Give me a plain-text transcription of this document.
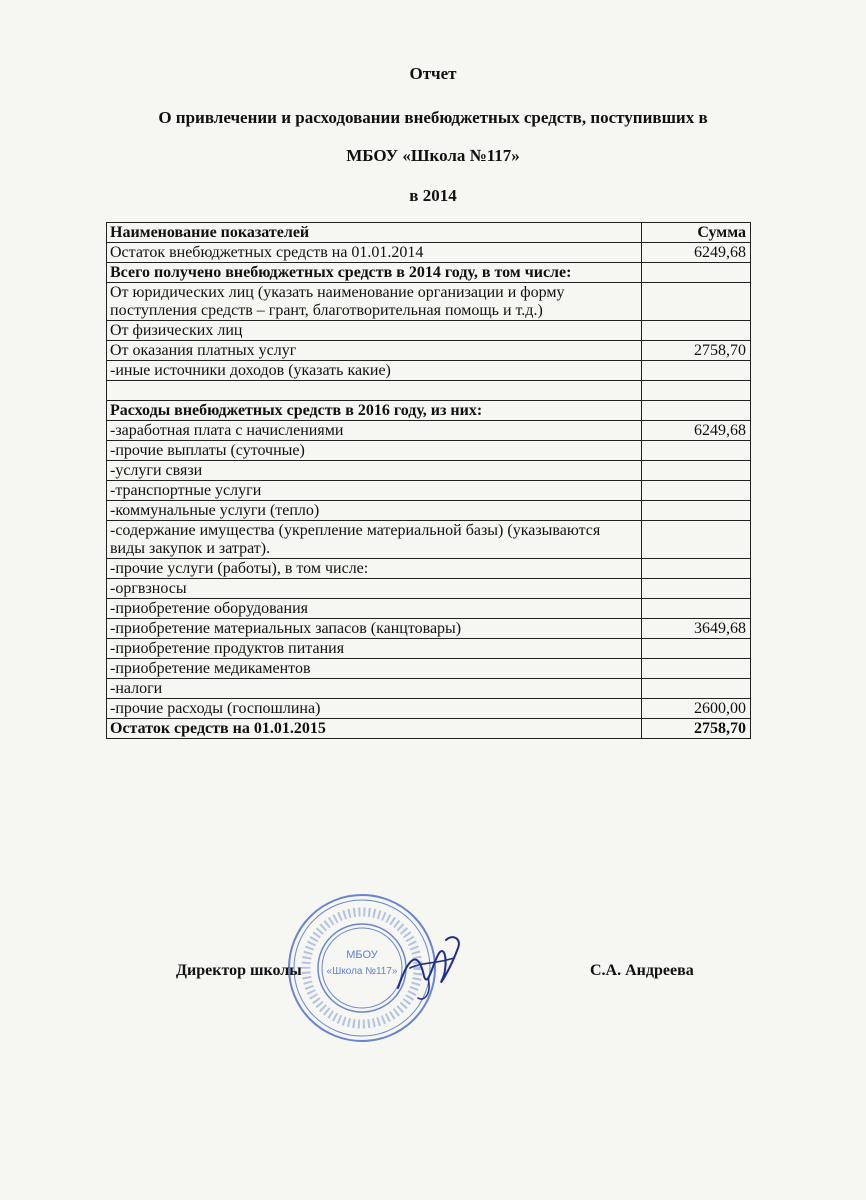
Отчет
О привлечении и расходовании внебюджетных средств, поступивших в
МБОУ «Школа №117»
в 2014
Наименование показателей	Сумма
Остаток внебюджетных средств на 01.01.2014	6249,68
Всего получено внебюджетных средств в 2014 году, в том числе:	
От юридических лиц (указать наименование организации и форму поступления средств – грант, благотворительная помощь и т.д.)	
От физических лиц	
От оказания платных услуг	2758,70
-иные источники доходов (указать какие)	

Расходы внебюджетных средств в 2016 году, из них:	
-заработная плата с начислениями	6249,68
-прочие выплаты (суточные)	
-услуги связи	
-транспортные услуги	
-коммунальные услуги (тепло)	
-содержание имущества (укрепление материальной базы) (указываются виды закупок и затрат).	
-прочие услуги (работы), в том числе:	
-оргвзносы	
-приобретение оборудования	
-приобретение материальных запасов (канцтовары)	3649,68
-приобретение продуктов питания	
-приобретение медикаментов	
-налоги	
-прочие расходы (госпошлина)	2600,00
Остаток средств на 01.01.2015	2758,70
МБОУ
«Школа №117»
Директор школы	С.А. Андреева
